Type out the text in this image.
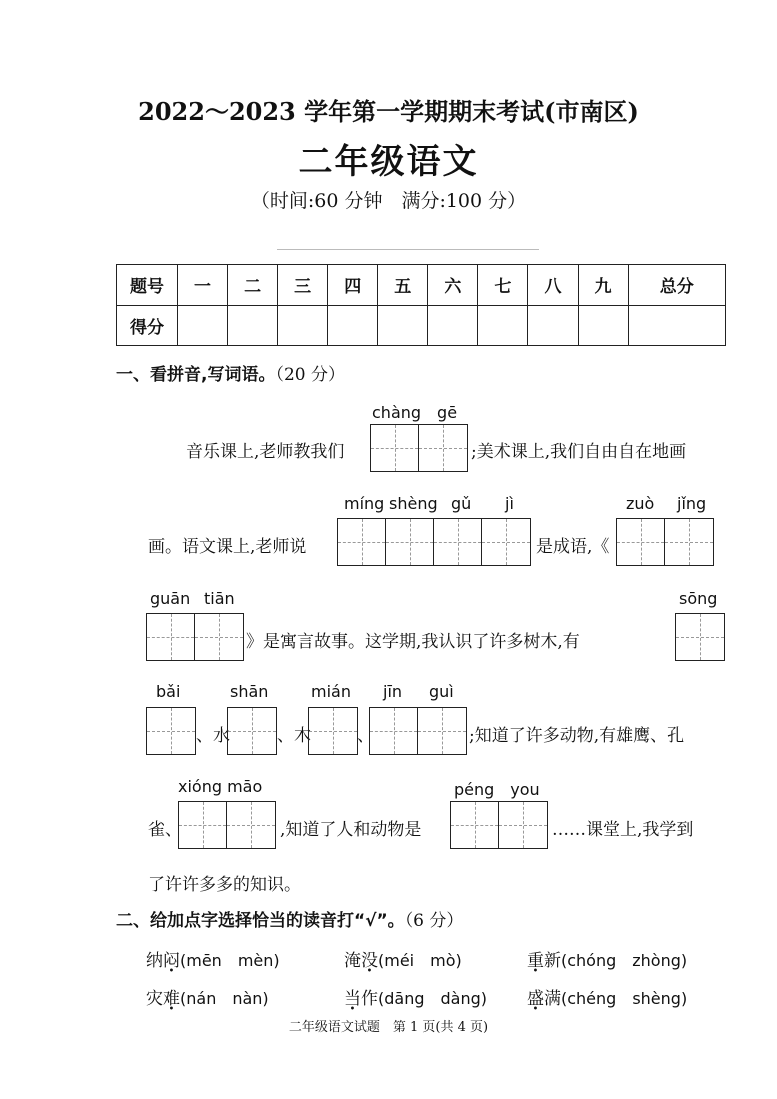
2022～2023 学年第一学期期末考试(市南区)
二年级语文
（时间:60 分钟　满分:100 分）
题号	一	二	三	四	五	六	七	八	九	总分
得分										
一、看拼音,写词语。（20 分）
chàng　gē
音乐课上,老师教我们	;美术课上,我们自由自在地画
míng shèng gǔ jì	zuò jǐng
画。语文课上,老师说	是成语,《
guān tiān	sōng
》是寓言故事。这学期,我认识了许多树木,有
bǎi	shān	mián jīn guì
、水	、木	、	;知道了许多动物,有雄鹰、孔
xióng māo	péng　you
雀、	,知道了人和动物是	……课堂上,我学到
了许许多多的知识。
二、给加点字选择恰当的读音打“√”。（6 分）
纳闷(mēn　mèn)	淹没(méi　mò)	重新(chóng　zhòng)
灾难(nán　nàn)	当作(dāng　dàng) 盛满(chéng　shèng)
二年级语文试题　第 1 页(共 4 页)
